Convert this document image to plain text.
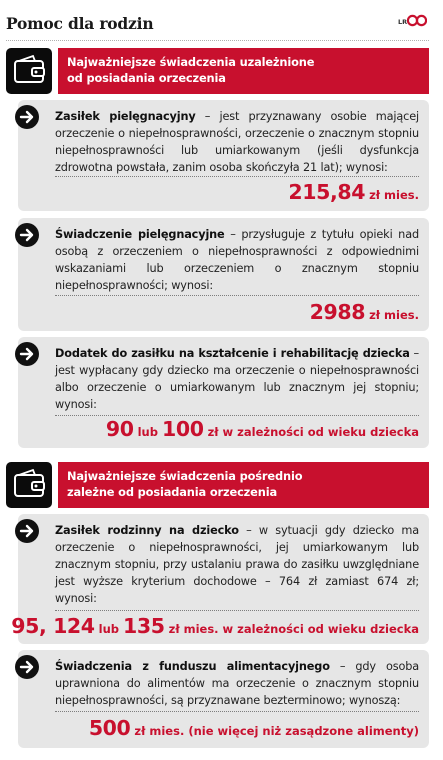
Pomoc dla rodzin	LR
Najważniejsze świadczenia uzależnione
od posiadania orzeczenia
Zasiłek pielęgnacyjny – jest przyznawany osobie mającej orzeczenie o niepełnosprawności, orzeczenie o znacznym stopniu niepełnosprawności lub umiarkowanym (jeśli dysfunkcja zdrowotna powstała, zanim osoba skończyła 21 lat); wynosi:
215,84 zł mies.
Świadczenie pielęgnacyjne – przysługuje z tytułu opieki nad osobą z orzeczeniem o niepełnosprawności z odpowiednimi wskazaniami lub orzeczeniem o znacznym stopniu niepełnosprawności; wynosi:
2988 zł mies.
Dodatek do zasiłku na kształcenie i rehabilitację dziecka – jest wypłacany gdy dziecko ma orzeczenie o niepełnosprawności albo orzeczenie o umiarkowanym lub znacznym jej stopniu; wynosi:
90 lub 100 zł w zależności od wieku dziecka
Najważniejsze świadczenia pośrednio
zależne od posiadania orzeczenia
Zasiłek rodzinny na dziecko – w sytuacji gdy dziecko ma orzeczenie o niepełnosprawności, jej umiarkowanym lub znacznym stopniu, przy ustalaniu prawa do zasiłku uwzględniane jest wyższe kryterium dochodowe – 764 zł zamiast 674 zł; wynosi:
95, 124 lub 135 zł mies. w zależności od wieku dziecka
Świadczenia z funduszu alimentacyjnego – gdy osoba uprawniona do alimentów ma orzeczenie o znacznym stopniu niepełnosprawności, są przyznawane bezterminowo; wynoszą:
500 zł mies. (nie więcej niż zasądzone alimenty)
